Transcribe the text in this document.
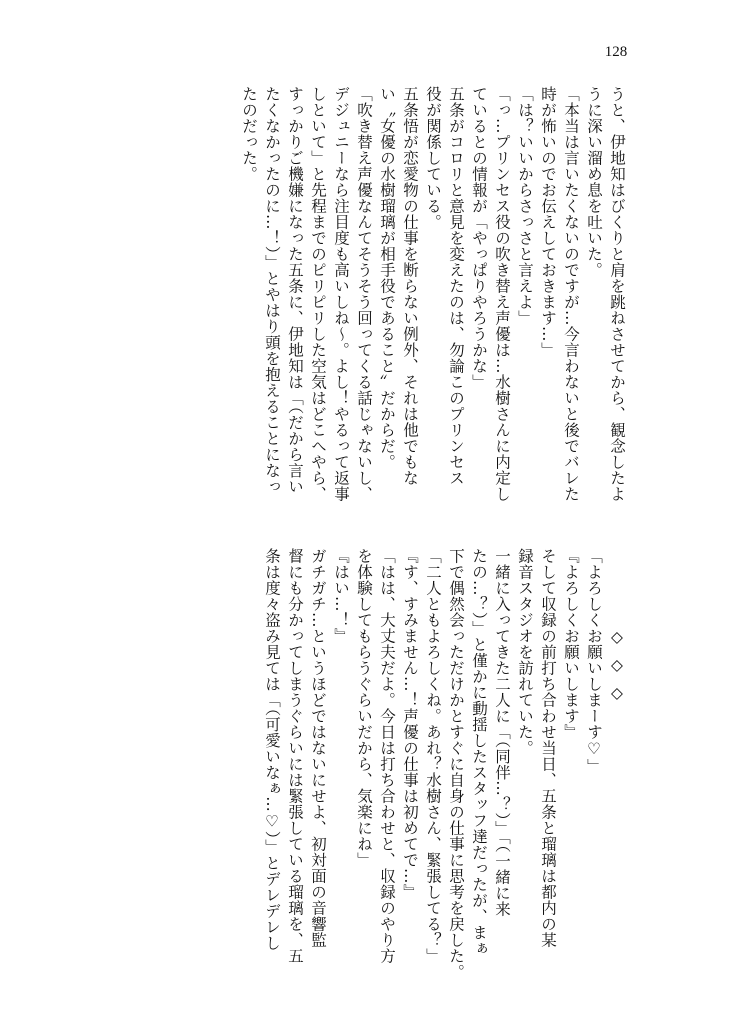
128

うと、伊地知はびくりと肩を跳ねさせてから、観念したよ

うに深い溜め息を吐いた。

「本当は言いたくないのですが…今言わないと後でバレた

時が怖いのでお伝えしておきます…」

「は？いいからさっさと言えよ」

「っ…プリンセス役の吹き替え声優は…水樹さんに内定し

ているとの情報が「やっぱりやろうかな」

五条がコロリと意見を変えたのは、勿論このプリンセス

役が関係している。

五条悟が恋愛物の仕事を断らない例外、それは他でもな

い〝女優の水樹瑠璃が相手役であること〟だからだ。

「吹き替え声優なんてそうそう回ってくる話じゃないし、

デジュニーなら注目度も高いしね〜。よし！やるって返事

しといて」と先程までのピリピリした空気はどこへやら、

すっかりご機嫌になった五条に、伊地知は「（だから言い

たくなかったのに…！）」とやはり頭を抱えることになっ

たのだった。

◇◇◇

「よろしくお願いしまーす♡」

『よろしくお願いします』

そして収録の前打ち合わせ当日、五条と瑠璃は都内の某

録音スタジオを訪れていた。

一緒に入ってきた二人に「（同伴…？）」「（一緒に来

たの…？）」と僅かに動揺したスタッフ達だったが、まぁ

下で偶然会っただけかとすぐに自身の仕事に思考を戻した。

「二人ともよろしくね。あれ？水樹さん、緊張してる？」

『す、すみません…！声優の仕事は初めてで…』

「はは、大丈夫だよ。今日は打ち合わせと、収録のやり方

を体験してもらうぐらいだから、気楽にね」

『はい…！』

ガチガチ…というほどではないにせよ、初対面の音響監

督にも分かってしまうぐらいには緊張している瑠璃を、五

条は度々盗み見ては「（可愛いなぁ…♡）」とデレデレし
